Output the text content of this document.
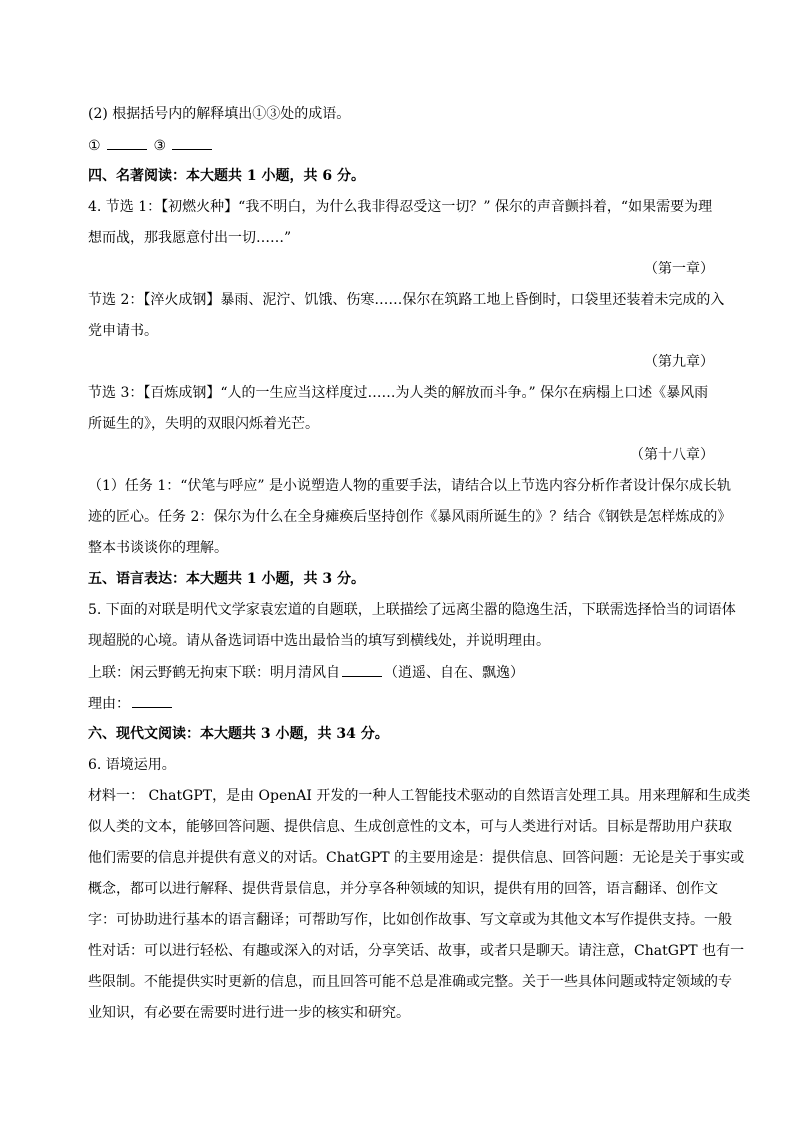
(2) 根据括号内的解释填出①③处的成语。
①	③
四、名著阅读：本大题共 1 小题，共 6 分。
4. 节选 1：【初燃火种】“我不明白，为什么我非得忍受这一切？” 保尔的声音颤抖着，“如果需要为理
想而战，那我愿意付出一切……”
（第一章）
节选 2：【淬火成钢】暴雨、泥泞、饥饿、伤寒……保尔在筑路工地上昏倒时，口袋里还装着未完成的入
党申请书。
（第九章）
节选 3：【百炼成钢】“人的一生应当这样度过……为人类的解放而斗争。” 保尔在病榻上口述《暴风雨
所诞生的》，失明的双眼闪烁着光芒。
（第十八章）
（1）任务 1：“伏笔与呼应” 是小说塑造人物的重要手法，请结合以上节选内容分析作者设计保尔成长轨
迹的匠心。任务 2：保尔为什么在全身瘫痪后坚持创作《暴风雨所诞生的》？结合《钢铁是怎样炼成的》
整本书谈谈你的理解。
五、语言表达：本大题共 1 小题，共 3 分。
5. 下面的对联是明代文学家袁宏道的自题联，上联描绘了远离尘嚣的隐逸生活，下联需选择恰当的词语体
现超脱的心境。请从备选词语中选出最恰当的填写到横线处，并说明理由。
上联：闲云野鹤无拘束下联：明月清风自	（逍遥、自在、飘逸）
理由：
六、现代文阅读：本大题共 3 小题，共 34 分。
6. 语境运用。
材料一： ChatGPT，是由 OpenAI 开发的一种人工智能技术驱动的自然语言处理工具。用来理解和生成类
似人类的文本，能够回答问题、提供信息、生成创意性的文本，可与人类进行对话。目标是帮助用户获取
他们需要的信息并提供有意义的对话。ChatGPT 的主要用途是：提供信息、回答问题：无论是关于事实或
概念，都可以进行解释、提供背景信息，并分享各种领域的知识，提供有用的回答，语言翻译、创作文
字：可协助进行基本的语言翻译；可帮助写作，比如创作故事、写文章或为其他文本写作提供支持。一般
性对话：可以进行轻松、有趣或深入的对话，分享笑话、故事，或者只是聊天。请注意，ChatGPT 也有一
些限制。不能提供实时更新的信息，而且回答可能不总是准确或完整。关于一些具体问题或特定领域的专
业知识，有必要在需要时进行进一步的核实和研究。
